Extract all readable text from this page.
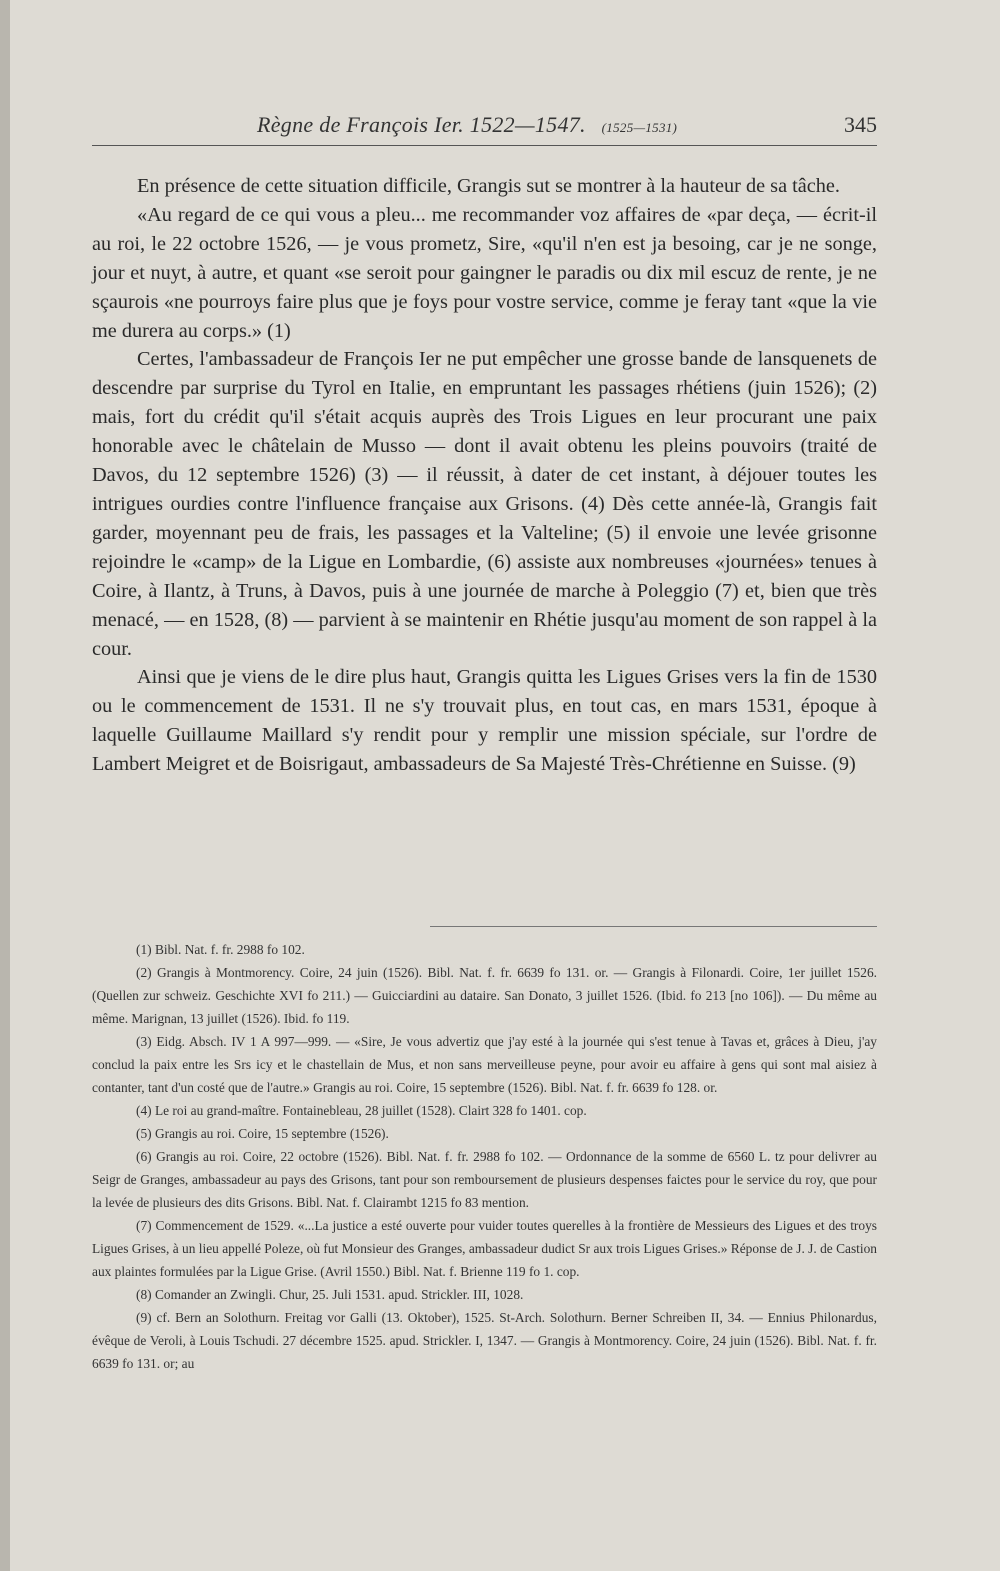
Règne de François Ier. 1522—1547. (1525—1531)	345

En présence de cette situation difficile, Grangis sut se montrer à la hauteur de sa tâche.

«Au regard de ce qui vous a pleu... me recommander voz affaires de «par deça, — écrit-il au roi, le 22 octobre 1526, — je vous prometz, Sire, «qu'il n'en est ja besoing, car je ne songe, jour et nuyt, à autre, et quant «se seroit pour gaingner le paradis ou dix mil escuz de rente, je ne sçaurois «ne pourroys faire plus que je foys pour vostre service, comme je feray tant «que la vie me durera au corps.» (1)

Certes, l'ambassadeur de François Ier ne put empêcher une grosse bande de lansquenets de descendre par surprise du Tyrol en Italie, en empruntant les passages rhétiens (juin 1526); (2) mais, fort du crédit qu'il s'était acquis auprès des Trois Ligues en leur procurant une paix honorable avec le châtelain de Musso — dont il avait obtenu les pleins pouvoirs (traité de Davos, du 12 septembre 1526) (3) — il réussit, à dater de cet instant, à déjouer toutes les intrigues ourdies contre l'influence française aux Grisons. (4) Dès cette année-là, Grangis fait garder, moyennant peu de frais, les passages et la Valteline; (5) il envoie une levée grisonne rejoindre le «camp» de la Ligue en Lombardie, (6) assiste aux nombreuses «journées» tenues à Coire, à Ilantz, à Truns, à Davos, puis à une journée de marche à Poleggio (7) et, bien que très menacé, — en 1528, (8) — parvient à se maintenir en Rhétie jusqu'au moment de son rappel à la cour.

Ainsi que je viens de le dire plus haut, Grangis quitta les Ligues Grises vers la fin de 1530 ou le commencement de 1531. Il ne s'y trouvait plus, en tout cas, en mars 1531, époque à laquelle Guillaume Maillard s'y rendit pour y remplir une mission spéciale, sur l'ordre de Lambert Meigret et de Boisrigaut, ambassadeurs de Sa Majesté Très-Chrétienne en Suisse. (9)

(1) Bibl. Nat. f. fr. 2988 fo 102.

(2) Grangis à Montmorency. Coire, 24 juin (1526). Bibl. Nat. f. fr. 6639 fo 131. or. — Grangis à Filonardi. Coire, 1er juillet 1526. (Quellen zur schweiz. Geschichte XVI fo 211.) — Guicciardini au dataire. San Donato, 3 juillet 1526. (Ibid. fo 213 [no 106]). — Du même au même. Marignan, 13 juillet (1526). Ibid. fo 119.

(3) Eidg. Absch. IV 1 A 997—999. — «Sire, Je vous advertiz que j'ay esté à la journée qui s'est tenue à Tavas et, grâces à Dieu, j'ay conclud la paix entre les Srs icy et le chastellain de Mus, et non sans merveilleuse peyne, pour avoir eu affaire à gens qui sont mal aisiez à contanter, tant d'un costé que de l'autre.» Grangis au roi. Coire, 15 septembre (1526). Bibl. Nat. f. fr. 6639 fo 128. or.

(4) Le roi au grand-maître. Fontainebleau, 28 juillet (1528). Clairt 328 fo 1401. cop.

(5) Grangis au roi. Coire, 15 septembre (1526).

(6) Grangis au roi. Coire, 22 octobre (1526). Bibl. Nat. f. fr. 2988 fo 102. — Ordonnance de la somme de 6560 L. tz pour delivrer au Seigr de Granges, ambassadeur au pays des Grisons, tant pour son remboursement de plusieurs despenses faictes pour le service du roy, que pour la levée de plusieurs des dits Grisons. Bibl. Nat. f. Clairambt 1215 fo 83 mention.

(7) Commencement de 1529. «...La justice a esté ouverte pour vuider toutes querelles à la frontière de Messieurs des Ligues et des troys Ligues Grises, à un lieu appellé Poleze, où fut Monsieur des Granges, ambassadeur dudict Sr aux trois Ligues Grises.» Réponse de J. J. de Castion aux plaintes formulées par la Ligue Grise. (Avril 1550.) Bibl. Nat. f. Brienne 119 fo 1. cop.

(8) Comander an Zwingli. Chur, 25. Juli 1531. apud. Strickler. III, 1028.

(9) cf. Bern an Solothurn. Freitag vor Galli (13. Oktober), 1525. St-Arch. Solothurn. Berner Schreiben II, 34. — Ennius Philonardus, évêque de Veroli, à Louis Tschudi. 27 décembre 1525. apud. Strickler. I, 1347. — Grangis à Montmorency. Coire, 24 juin (1526). Bibl. Nat. f. fr. 6639 fo 131. or; au
